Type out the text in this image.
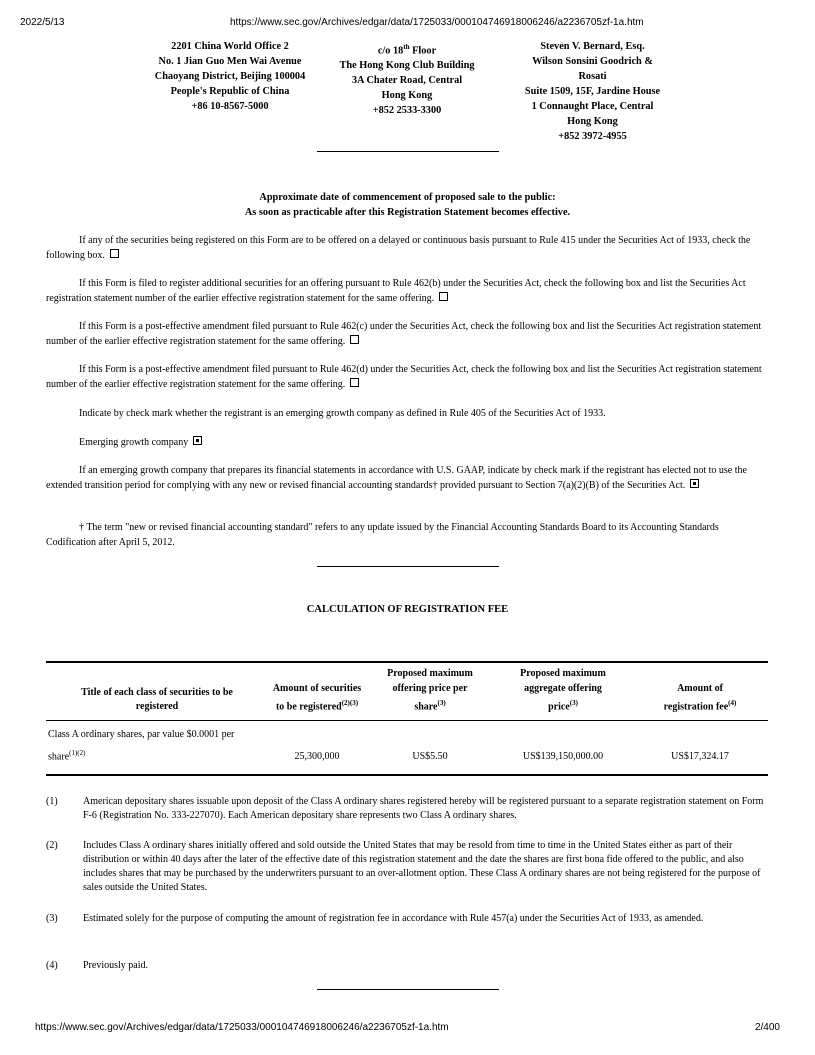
2022/5/13	https://www.sec.gov/Archives/edgar/data/1725033/000104746918006246/a2236705zf-1a.htm
2201 China World Office 2
No. 1 Jian Guo Men Wai Avenue
Chaoyang District, Beijing 100004
People's Republic of China
+86 10-8567-5000
c/o 18th Floor
The Hong Kong Club Building
3A Chater Road, Central
Hong Kong
+852 2533-3300
Steven V. Bernard, Esq.
Wilson Sonsini Goodrich &
Rosati
Suite 1509, 15F, Jardine House
1 Connaught Place, Central
Hong Kong
+852 3972-4955
Approximate date of commencement of proposed sale to the public:
As soon as practicable after this Registration Statement becomes effective.
If any of the securities being registered on this Form are to be offered on a delayed or continuous basis pursuant to Rule 415 under the Securities Act of 1933, check the following box.
If this Form is filed to register additional securities for an offering pursuant to Rule 462(b) under the Securities Act, check the following box and list the Securities Act registration statement number of the earlier effective registration statement for the same offering.
If this Form is a post-effective amendment filed pursuant to Rule 462(c) under the Securities Act, check the following box and list the Securities Act registration statement number of the earlier effective registration statement for the same offering.
If this Form is a post-effective amendment filed pursuant to Rule 462(d) under the Securities Act, check the following box and list the Securities Act registration statement number of the earlier effective registration statement for the same offering.
Indicate by check mark whether the registrant is an emerging growth company as defined in Rule 405 of the Securities Act of 1933.
Emerging growth company
If an emerging growth company that prepares its financial statements in accordance with U.S. GAAP, indicate by check mark if the registrant has elected not to use the extended transition period for complying with any new or revised financial accounting standards† provided pursuant to Section 7(a)(2)(B) of the Securities Act.
† The term "new or revised financial accounting standard" refers to any update issued by the Financial Accounting Standards Board to its Accounting Standards Codification after April 5, 2012.
CALCULATION OF REGISTRATION FEE
Title of each class of securities to be registered	Amount of securities to be registered$^{(2)(3)}$	Proposed maximum offering price per share$^{(3)}$	Proposed maximum aggregate offering price$^{(3)}$	Amount of registration fee$^{(4)}$

Class A ordinary shares, par value $0.0001 per share$^{(1)(2)}$	25,300,000	US$5.50	US$139,150,000.00	US$17,324.17
(1)	American depositary shares issuable upon deposit of the Class A ordinary shares registered hereby will be registered pursuant to a separate registration statement on Form F-6 (Registration No. 333-227070). Each American depositary share represents two Class A ordinary shares.
(2)	Includes Class A ordinary shares initially offered and sold outside the United States that may be resold from time to time in the United States either as part of their distribution or within 40 days after the later of the effective date of this registration statement and the date the shares are first bona fide offered to the public, and also includes shares that may be purchased by the underwriters pursuant to an over-allotment option. These Class A ordinary shares are not being registered for the purpose of sales outside the United States.
(3)	Estimated solely for the purpose of computing the amount of registration fee in accordance with Rule 457(a) under the Securities Act of 1933, as amended.
(4)	Previously paid.
https://www.sec.gov/Archives/edgar/data/1725033/000104746918006246/a2236705zf-1a.htm	2/400
